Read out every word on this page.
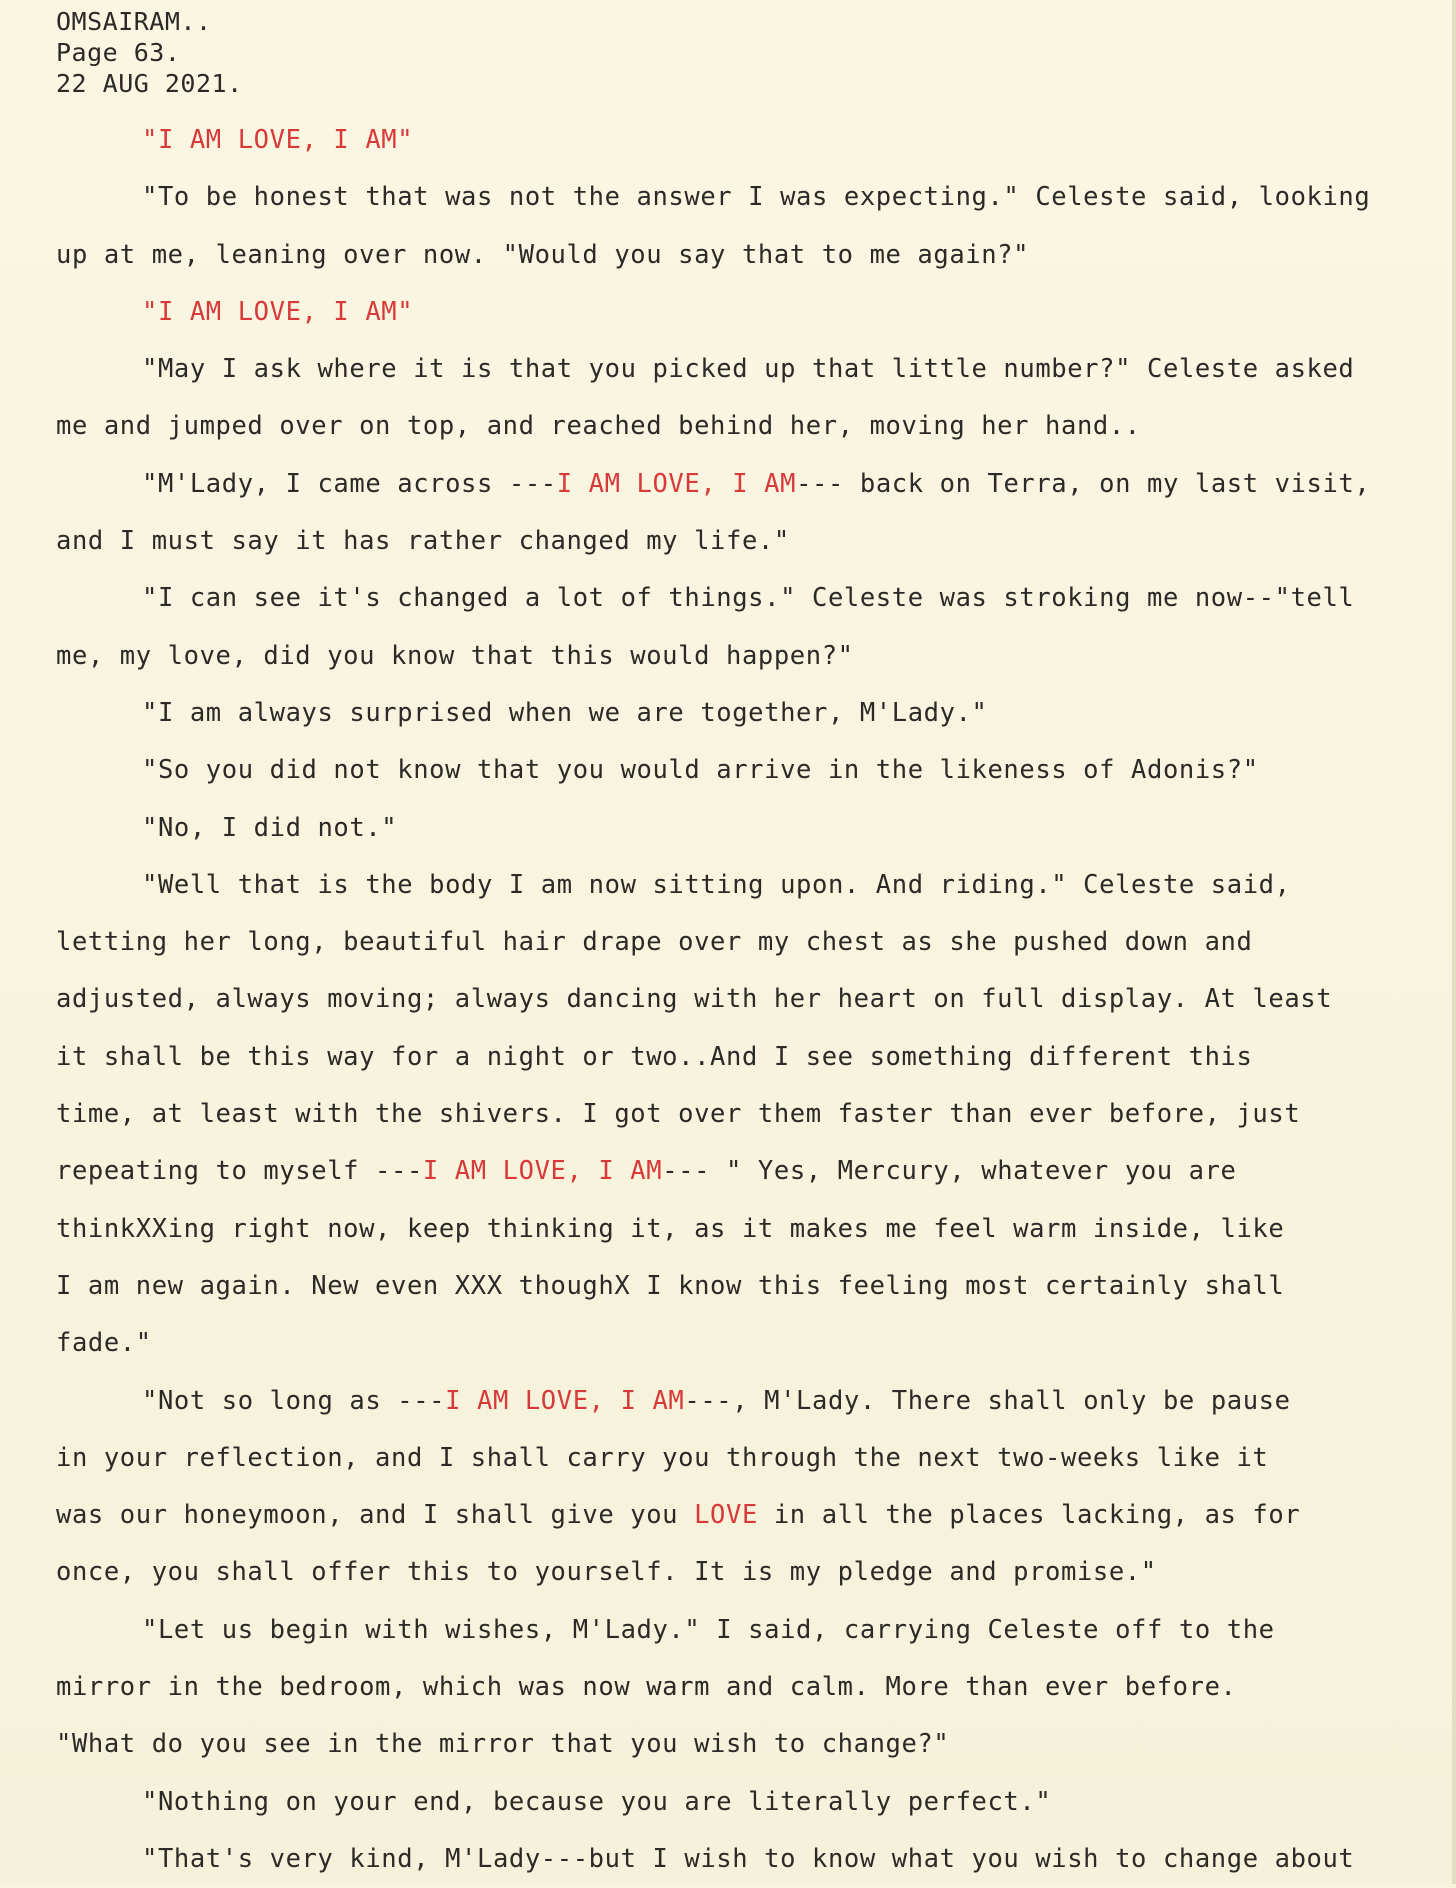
OMSAIRAM..
Page 63.
22 AUG 2021.
"I AM LOVE, I AM"
"To be honest that was not the answer I was expecting." Celeste said, looking
up at me, leaning over now. "Would you say that to me again?"
"I AM LOVE, I AM"
"May I ask where it is that you picked up that little number?" Celeste asked
me and jumped over on top, and reached behind her, moving her hand..
"M'Lady, I came across ---I AM LOVE, I AM--- back on Terra, on my last visit,
and I must say it has rather changed my life."
"I can see it's changed a lot of things." Celeste was stroking me now--"tell
me, my love, did you know that this would happen?"
"I am always surprised when we are together, M'Lady."
"So you did not know that you would arrive in the likeness of Adonis?"
"No, I did not."
"Well that is the body I am now sitting upon. And riding." Celeste said,
letting her long, beautiful hair drape over my chest as she pushed down and
adjusted, always moving; always dancing with her heart on full display. At least
it shall be this way for a night or two..And I see something different this
time, at least with the shivers. I got over them faster than ever before, just
repeating to myself ---I AM LOVE, I AM--- " Yes, Mercury, whatever you are
thinkXXing right now, keep thinking it, as it makes me feel warm inside, like
I am new again. New even XXX thoughX I know this feeling most certainly shall
fade."
"Not so long as ---I AM LOVE, I AM---, M'Lady. There shall only be pause
in your reflection, and I shall carry you through the next two-weeks like it
was our honeymoon, and I shall give you LOVE in all the places lacking, as for
once, you shall offer this to yourself. It is my pledge and promise."
"Let us begin with wishes, M'Lady." I said, carrying Celeste off to the
mirror in the bedroom, which was now warm and calm. More than ever before.
"What do you see in the mirror that you wish to change?"
"Nothing on your end, because you are literally perfect."
"That's very kind, M'Lady---but I wish to know what you wish to change about
